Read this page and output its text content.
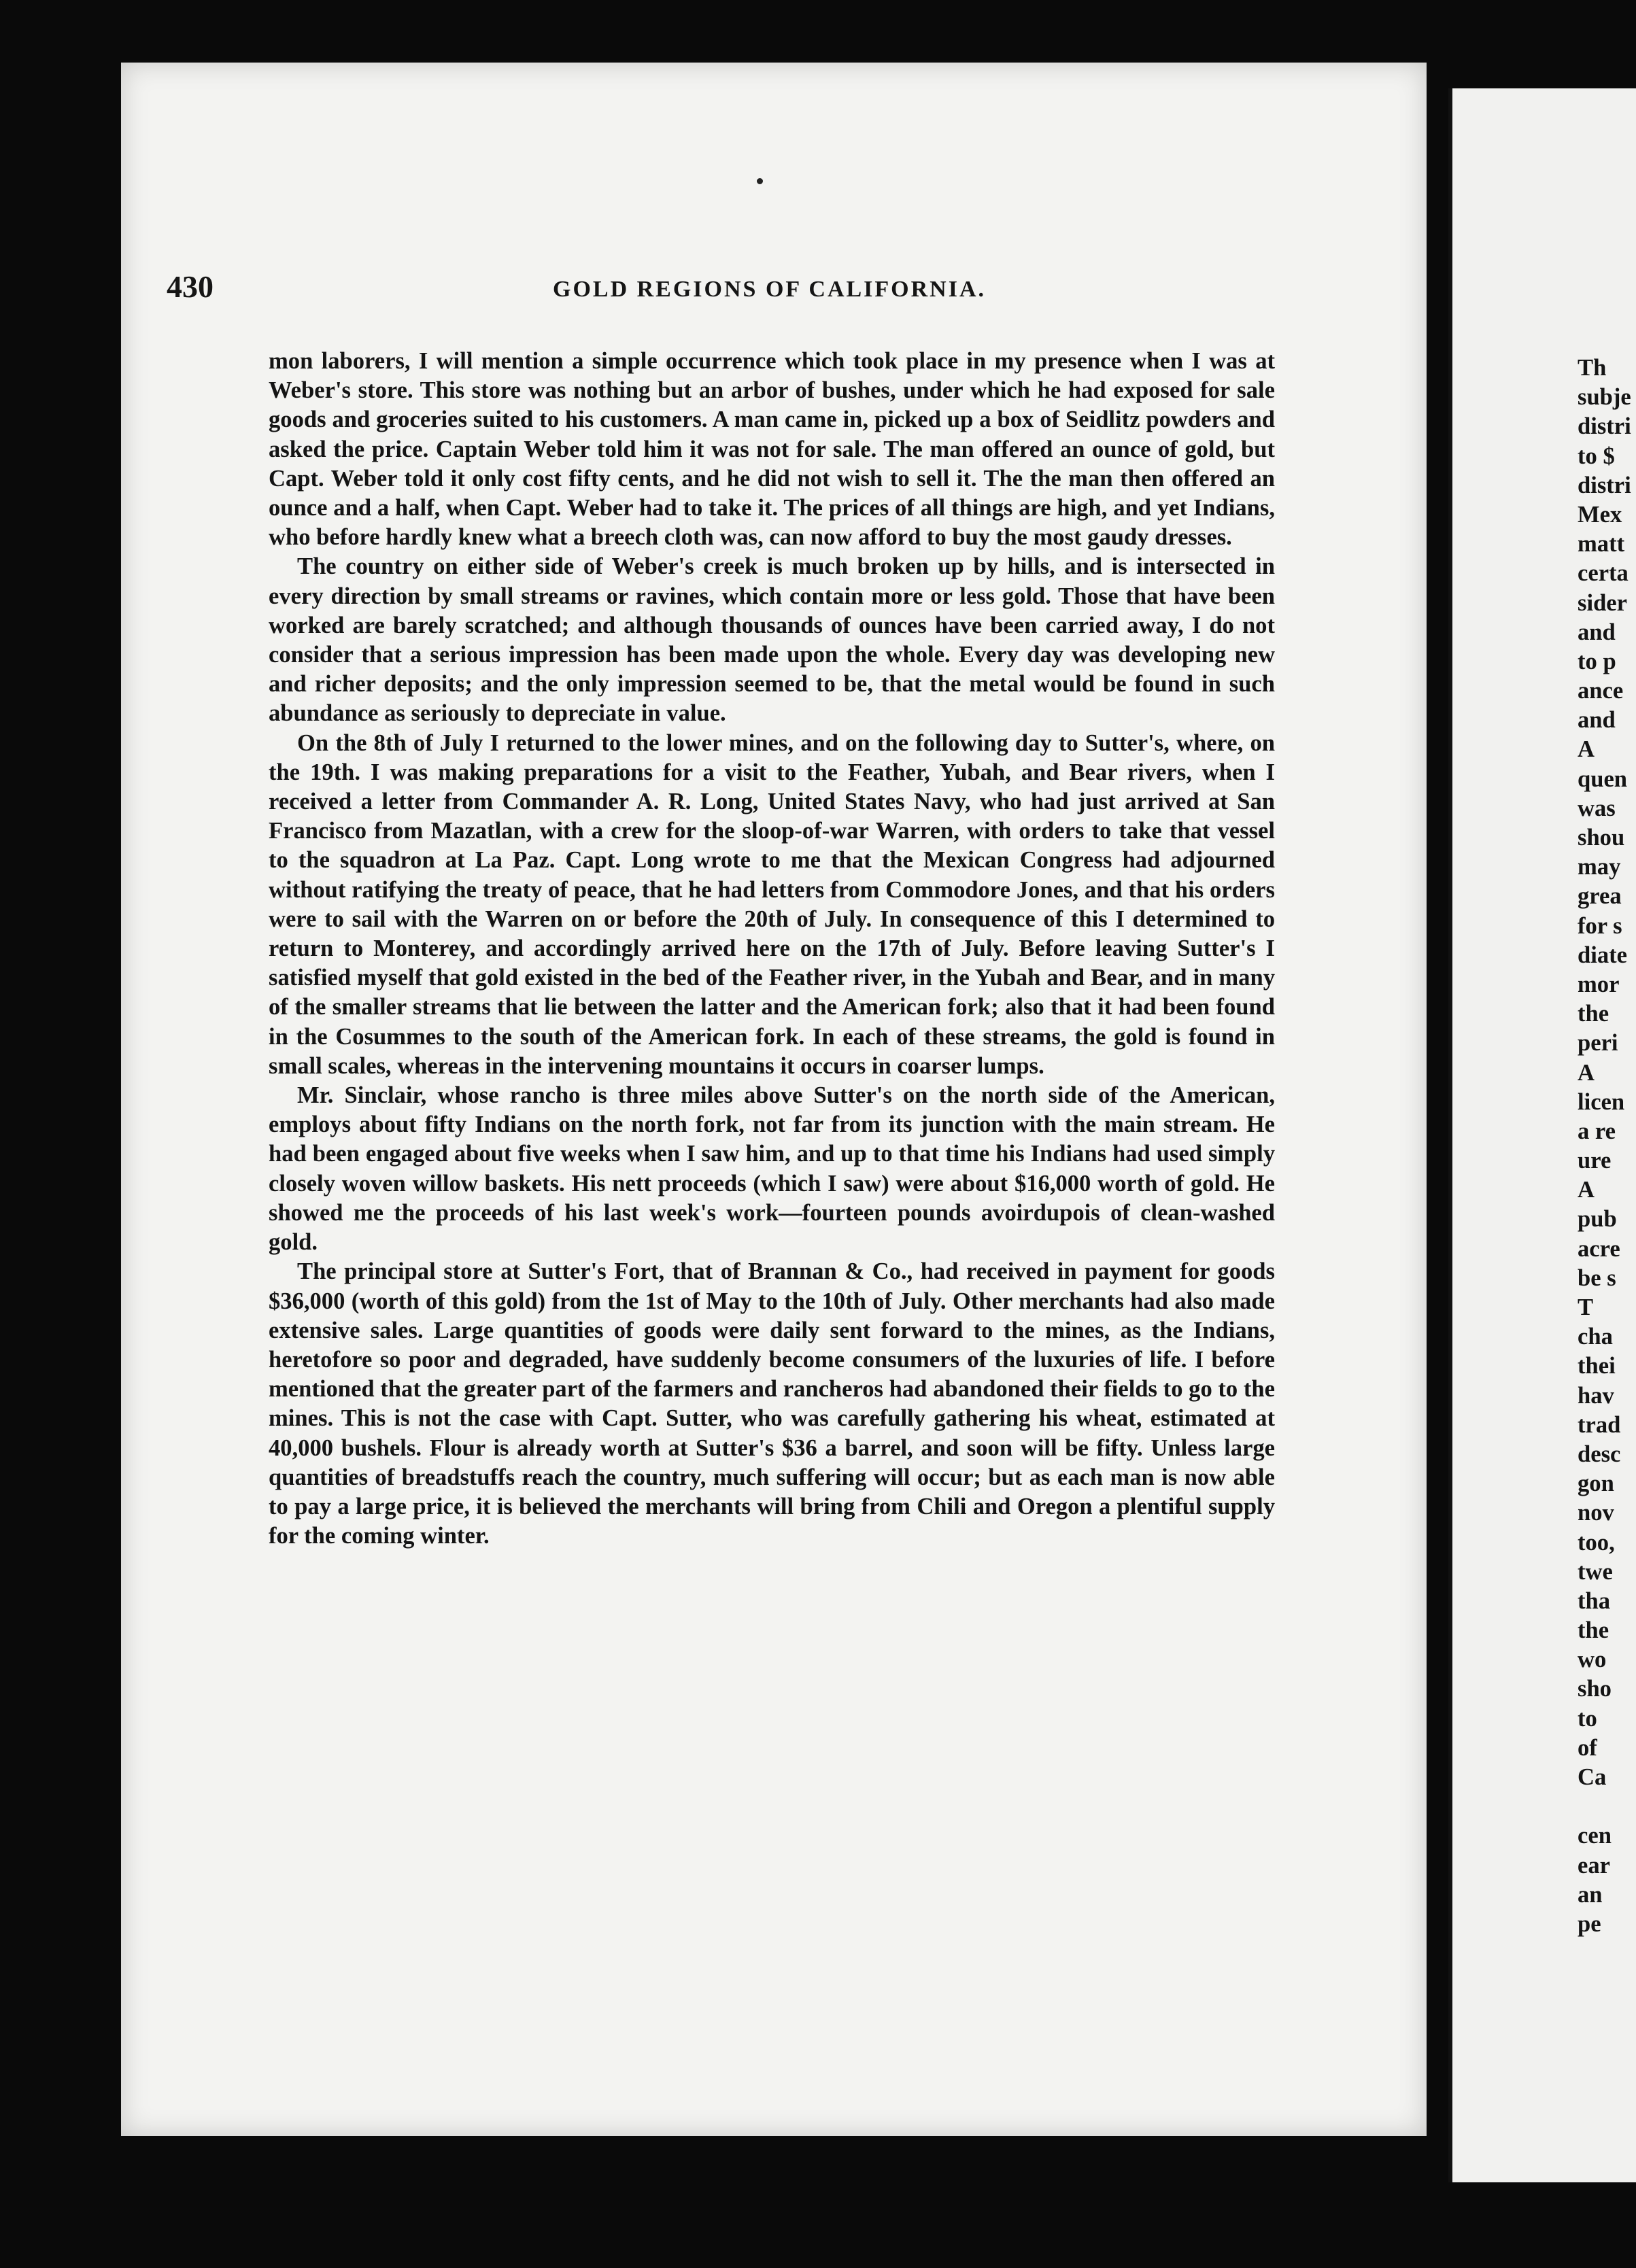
430	GOLD REGIONS OF CALIFORNIA.

mon laborers, I will mention a simple occurrence which took place in my presence when I was at Weber's store. This store was nothing but an arbor of bushes, under which he had exposed for sale goods and groceries suited to his customers. A man came in, picked up a box of Seidlitz powders and asked the price. Captain Weber told him it was not for sale. The man offered an ounce of gold, but Capt. Weber told it only cost fifty cents, and he did not wish to sell it. The the man then offered an ounce and a half, when Capt. Weber had to take it. The prices of all things are high, and yet Indians, who before hardly knew what a breech cloth was, can now afford to buy the most gaudy dresses.

The country on either side of Weber's creek is much broken up by hills, and is intersected in every direction by small streams or ravines, which contain more or less gold. Those that have been worked are barely scratched; and although thousands of ounces have been carried away, I do not consider that a serious impression has been made upon the whole. Every day was developing new and richer deposits; and the only impression seemed to be, that the metal would be found in such abundance as seriously to depreciate in value.

On the 8th of July I returned to the lower mines, and on the following day to Sutter's, where, on the 19th. I was making preparations for a visit to the Feather, Yubah, and Bear rivers, when I received a letter from Commander A. R. Long, United States Navy, who had just arrived at San Francisco from Mazatlan, with a crew for the sloop-of-war Warren, with orders to take that vessel to the squadron at La Paz. Capt. Long wrote to me that the Mexican Congress had adjourned without ratifying the treaty of peace, that he had letters from Commodore Jones, and that his orders were to sail with the Warren on or before the 20th of July. In consequence of this I determined to return to Monterey, and accordingly arrived here on the 17th of July. Before leaving Sutter's I satisfied myself that gold existed in the bed of the Feather river, in the Yubah and Bear, and in many of the smaller streams that lie between the latter and the American fork; also that it had been found in the Cosummes to the south of the American fork. In each of these streams, the gold is found in small scales, whereas in the intervening mountains it occurs in coarser lumps.

Mr. Sinclair, whose rancho is three miles above Sutter's on the north side of the American, employs about fifty Indians on the north fork, not far from its junction with the main stream. He had been engaged about five weeks when I saw him, and up to that time his Indians had used simply closely woven willow baskets. His nett proceeds (which I saw) were about $16,000 worth of gold. He showed me the proceeds of his last week's work—fourteen pounds avoirdupois of clean-washed gold.

The principal store at Sutter's Fort, that of Brannan & Co., had received in payment for goods $36,000 (worth of this gold) from the 1st of May to the 10th of July. Other merchants had also made extensive sales. Large quantities of goods were daily sent forward to the mines, as the Indians, heretofore so poor and degraded, have suddenly become consumers of the luxuries of life. I before mentioned that the greater part of the farmers and rancheros had abandoned their fields to go to the mines. This is not the case with Capt. Sutter, who was carefully gathering his wheat, estimated at 40,000 bushels. Flour is already worth at Sutter's $36 a barrel, and soon will be fifty. Unless large quantities of breadstuffs reach the country, much suffering will occur; but as each man is now able to pay a large price, it is believed the merchants will bring from Chili and Oregon a plentiful supply for the coming winter.

Th
subje
distri
to $
distri
Mex
matt
certa
sider
and
to p
ance
and
A
quen
was
shou
may
grea
for s
diate
mor
the
peri
A
licen
a re
ure
A
pub
acre
be s
T
cha
thei
hav
trad
desc
gon
nov
too,
twe
tha
the
wo
sho
to
of
Ca
cen
ear
an
pe
